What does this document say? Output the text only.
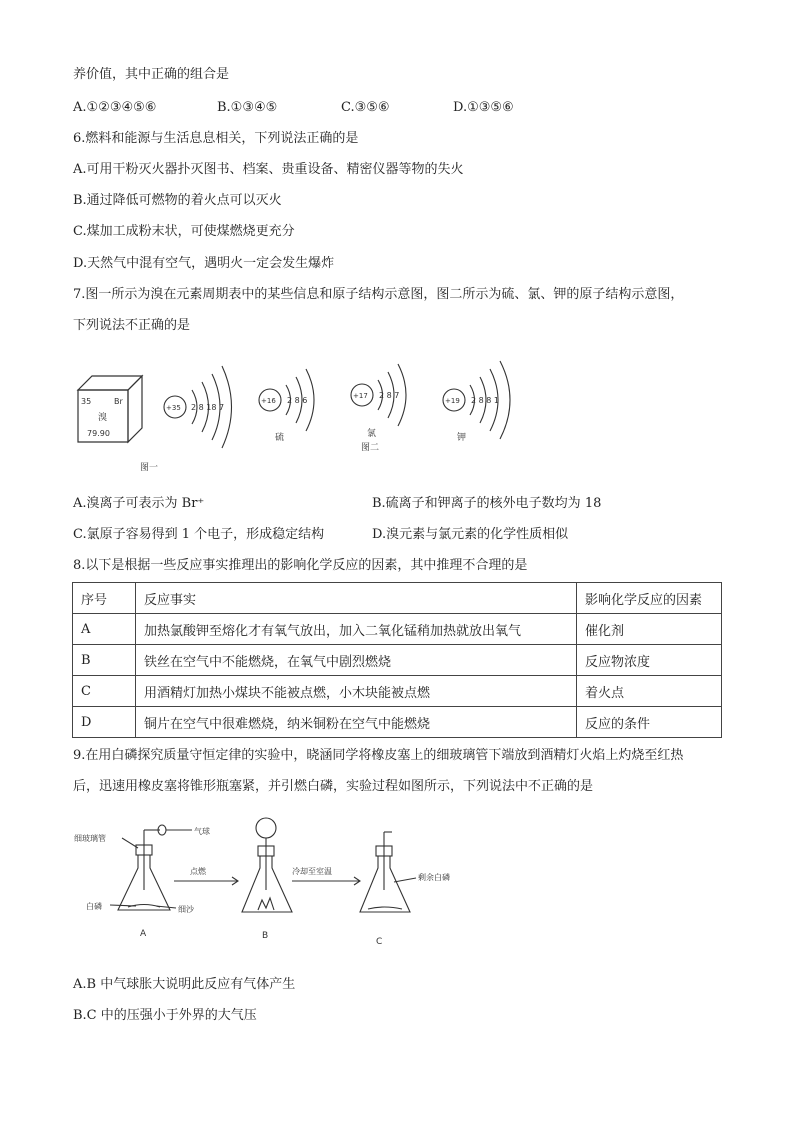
养价值，其中正确的组合是
A.①②③④⑤⑥	B.①③④⑤	C.③⑤⑥	D.①③⑤⑥
6.燃料和能源与生活息息相关，下列说法正确的是
A.可用干粉灭火器扑灭图书、档案、贵重设备、精密仪器等物的失火
B.通过降低可燃物的着火点可以灭火
C.煤加工成粉末状，可使煤燃烧更充分
D.天然气中混有空气，遇明火一定会发生爆炸
7.图一所示为溴在元素周期表中的某些信息和原子结构示意图，图二所示为硫、氯、钾的原子结构示意图，
下列说法不正确的是
35	Br
溴
79.90
+35 2 8 18 7
图一
+16 2 8 6
硫
+17 2 8 7
氯
图二
+19 2 8 8 1
钾
A.溴离子可表示为 Br⁺	B.硫离子和钾离子的核外电子数均为 18
C.氯原子容易得到 1 个电子，形成稳定结构	D.溴元素与氯元素的化学性质相似
8.以下是根据一些反应事实推理出的影响化学反应的因素，其中推理不合理的是
序号	反应事实	影响化学反应的因素
A	加热氯酸钾至熔化才有氧气放出，加入二氧化锰稍加热就放出氧气	催化剂
B	铁丝在空气中不能燃烧，在氧气中剧烈燃烧	反应物浓度
C	用酒精灯加热小煤块不能被点燃，小木块能被点燃	着火点
D	铜片在空气中很难燃烧，纳米铜粉在空气中能燃烧	反应的条件
9.在用白磷探究质量守恒定律的实验中，晓涵同学将橡皮塞上的细玻璃管下端放到酒精灯火焰上灼烧至红热
后，迅速用橡皮塞将锥形瓶塞紧，并引燃白磷，实验过程如图所示，下列说法中不正确的是
细玻璃管
气球
白磷	细沙
点燃	冷却至室温
剩余白磷
A	B
C
A.B 中气球胀大说明此反应有气体产生
B.C 中的压强小于外界的大气压
